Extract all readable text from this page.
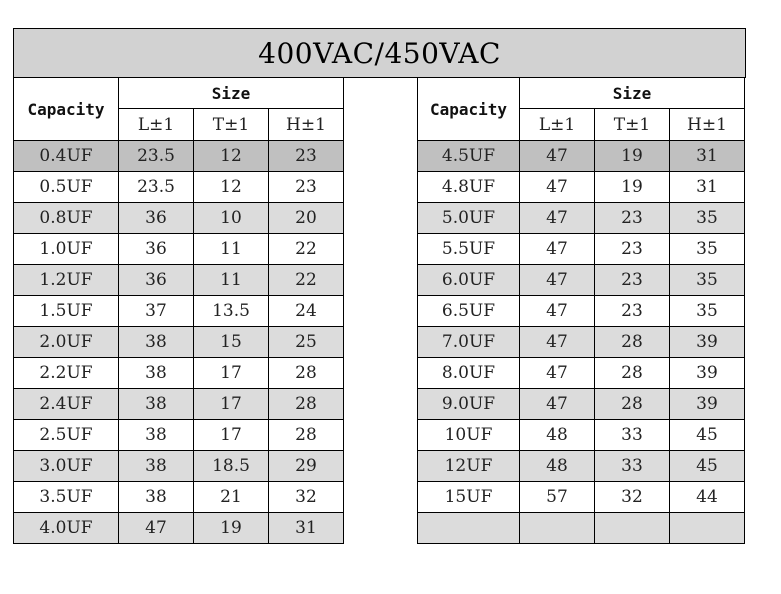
400VAC/450VAC
Capacity	Size		
	L±1	T±1	H±1
0.4UF	23.5	12	23
0.5UF	23.5	12	23
0.8UF	36	10	20
1.0UF	36	11	22
1.2UF	36	11	22
1.5UF	37	13.5	24
2.0UF	38	15	25
2.2UF	38	17	28
2.4UF	38	17	28
2.5UF	38	17	28
3.0UF	38	18.5	29
3.5UF	38	21	32
4.0UF	47	19	31
Capacity	Size		
	L±1	T±1	H±1
4.5UF	47	19	31
4.8UF	47	19	31
5.0UF	47	23	35
5.5UF	47	23	35
6.0UF	47	23	35
6.5UF	47	23	35
7.0UF	47	28	39
8.0UF	47	28	39
9.0UF	47	28	39
10UF	48	33	45
12UF	48	33	45
15UF	57	32	44
